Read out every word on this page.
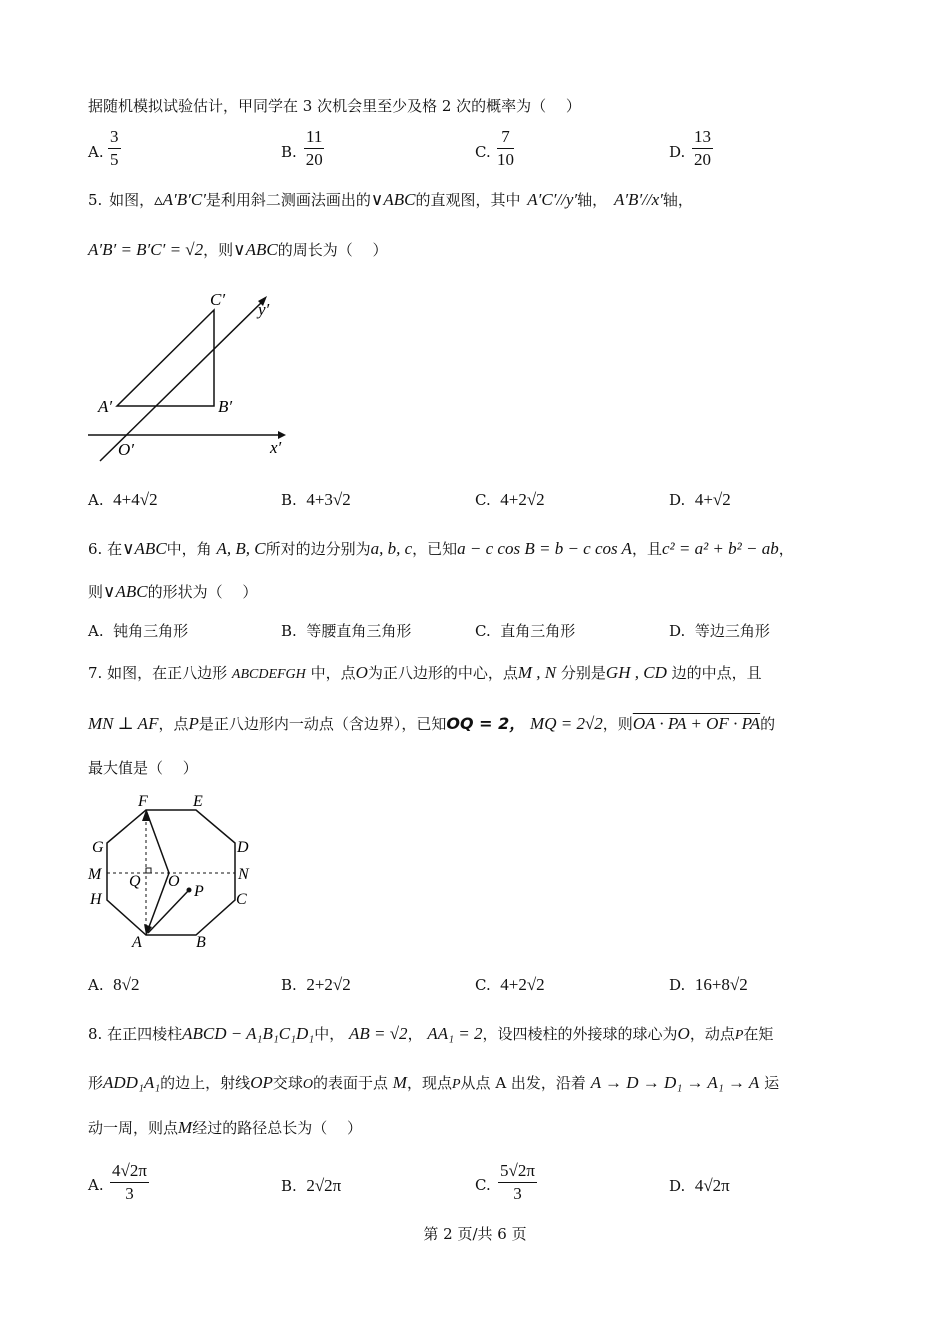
据随机模拟试验估计，甲同学在 3 次机会里至少及格 2 次的概率为（　 ）
A. $\frac{3}{5}$	B. $\frac{11}{20}$	C. $\frac{7}{10}$	D. $\frac{13}{20}$
5. 如图，▵A′B′C′是利用斜二测画法画出的∨ABC的直观图，其中 A′C′//y′轴， A′B′//x′轴，
A′B′ = B′C′ = √2，则∨ABC的周长为（　 ）
C′
y′
A′	B′
O′	x′
A. 4+4√2	B. 4+3√2	C. 4+2√2	D. 4+√2
6. 在∨ABC中，角 A, B, C所对的边分别为a, b, c，已知a − c cos B = b − c cos A，且c² = a² + b² − ab，
则∨ABC的形状为（　 ）
A. 钝角三角形	B. 等腰直角三角形	C. 直角三角形	D. 等边三角形
7. 如图，在正八边形 ABCDEFGH 中，点O为正八边形的中心，点M , N 分别是GH , CD 边的中点，且
MN ⊥ AF，点P是正八边形内一动点（含边界），已知OQ = 2， MQ = 2√2，则OA · PA + OF · PA的
最大值是（　 ）
F	E
G	D
M	N
Q O
P
H	C
A	B
A. 8√2	B. 2+2√2	C. 4+2√2	D. 16+8√2
8. 在正四棱柱ABCD − A₁B₁C₁D₁中， AB = √2， AA₁ = 2，设四棱柱的外接球的球心为O，动点P在矩
形ADD₁A₁的边上，射线OP交球O的表面于点 M，现点P从点 A 出发，沿着 A → D → D₁ → A₁ → A 运
动一周，则点M经过的路径总长为（　 ）
A. $\frac{4√2\pi}{3}$	B. 2√2π	C. $\frac{5√2\pi}{3}$	D. 4√2π
第 2 页/共 6 页
